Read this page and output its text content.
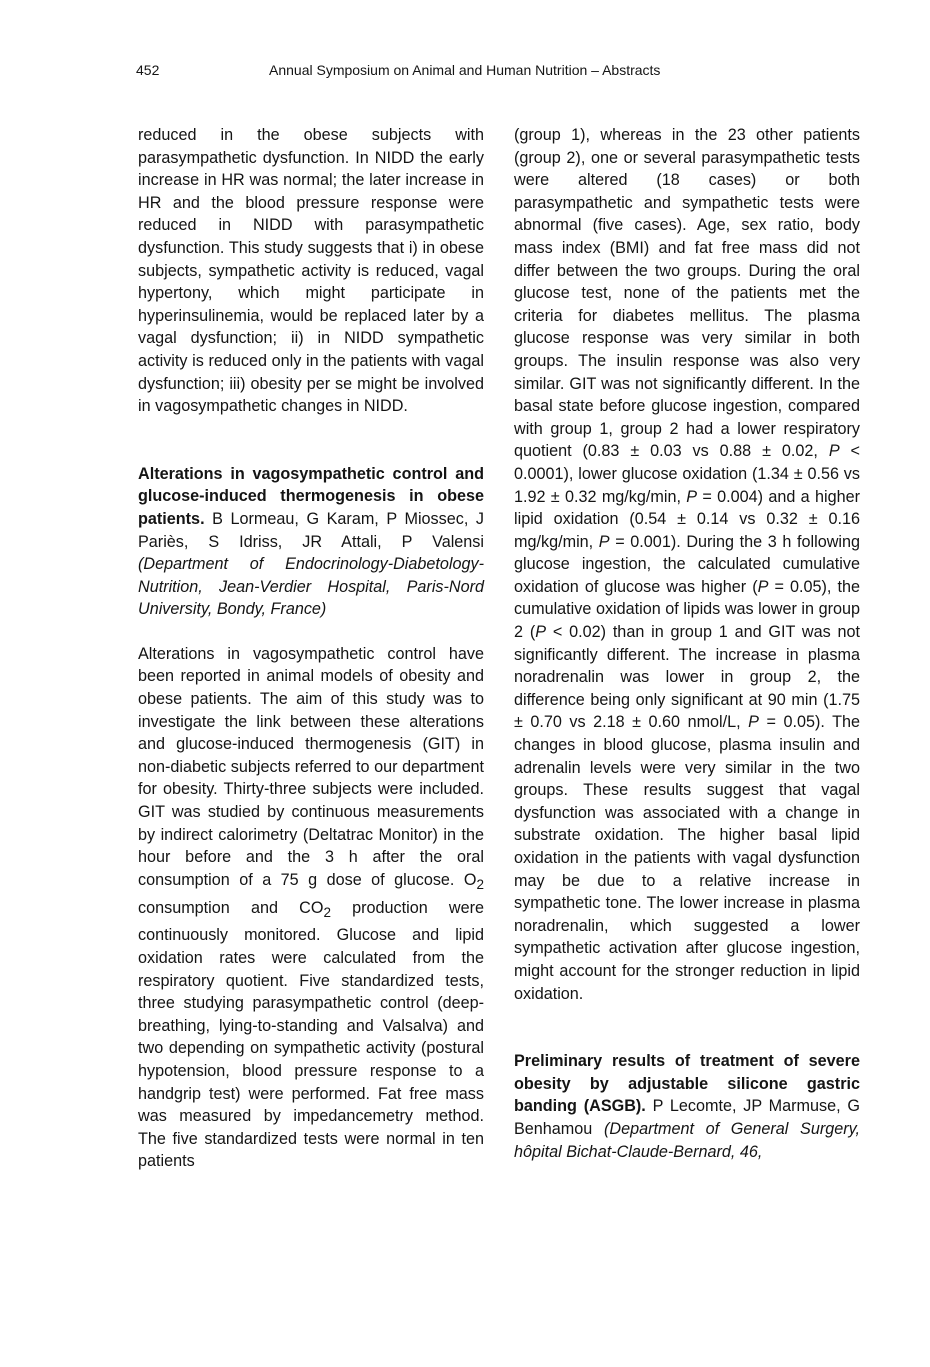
452	Annual Symposium on Animal and Human Nutrition – Abstracts

reduced in the obese subjects with parasympathetic dysfunction. In NIDD the early increase in HR was normal; the later increase in HR and the blood pressure response were reduced in NIDD with parasympathetic dysfunction. This study suggests that i) in obese subjects, sympathetic activity is reduced, vagal hypertony, which might participate in hyperinsulinemia, would be replaced later by a vagal dysfunction; ii) in NIDD sympathetic activity is reduced only in the patients with vagal dysfunction; iii) obesity per se might be involved in vagosympathetic changes in NIDD.

Alterations in vagosympathetic control and glucose-induced thermogenesis in obese patients. B Lormeau, G Karam, P Miossec, J Pariès, S Idriss, JR Attali, P Valensi (Department of Endocrinology-Diabetology-Nutrition, Jean-Verdier Hospital, Paris-Nord University, Bondy, France)

Alterations in vagosympathetic control have been reported in animal models of obesity and obese patients. The aim of this study was to investigate the link between these alterations and glucose-induced thermogenesis (GIT) in non-diabetic subjects referred to our department for obesity. Thirty-three subjects were included. GIT was studied by continuous measurements by indirect calorimetry (Deltatrac Monitor) in the hour before and the 3 h after the oral consumption of a 75 g dose of glucose. $O_2$ consumption and $CO_2$ production were continuously monitored. Glucose and lipid oxidation rates were calculated from the respiratory quotient. Five standardized tests, three studying parasympathetic control (deep-breathing, lying-to-standing and Valsalva) and two depending on sympathetic activity (postural hypotension, blood pressure response to a handgrip test) were performed. Fat free mass was measured by impedancemetry method. The five standardized tests were normal in ten patients

(group 1), whereas in the 23 other patients (group 2), one or several parasympathetic tests were altered (18 cases) or both parasympathetic and sympathetic tests were abnormal (five cases). Age, sex ratio, body mass index (BMI) and fat free mass did not differ between the two groups. During the oral glucose test, none of the patients met the criteria for diabetes mellitus. The plasma glucose response was very similar in both groups. The insulin response was also very similar. GIT was not significantly different. In the basal state before glucose ingestion, compared with group 1, group 2 had a lower respiratory quotient (0.83 ± 0.03 vs 0.88 ± 0.02, P < 0.0001), lower glucose oxidation (1.34 ± 0.56 vs 1.92 ± 0.32 mg/kg/min, P = 0.004) and a higher lipid oxidation (0.54 ± 0.14 vs 0.32 ± 0.16 mg/kg/min, P = 0.001). During the 3 h following glucose ingestion, the calculated cumulative oxidation of glucose was higher (P = 0.05), the cumulative oxidation of lipids was lower in group 2 (P < 0.02) than in group 1 and GIT was not significantly different. The increase in plasma noradrenalin was lower in group 2, the difference being only significant at 90 min (1.75 ± 0.70 vs 2.18 ± 0.60 nmol/L, P = 0.05). The changes in blood glucose, plasma insulin and adrenalin levels were very similar in the two groups. These results suggest that vagal dysfunction was associated with a change in substrate oxidation. The higher basal lipid oxidation in the patients with vagal dysfunction may be due to a relative increase in sympathetic tone. The lower increase in plasma noradrenalin, which suggested a lower sympathetic activation after glucose ingestion, might account for the stronger reduction in lipid oxidation.

Preliminary results of treatment of severe obesity by adjustable silicone gastric banding (ASGB). P Lecomte, JP Marmuse, G Benhamou (Department of General Surgery, hôpital Bichat-Claude-Bernard, 46,
